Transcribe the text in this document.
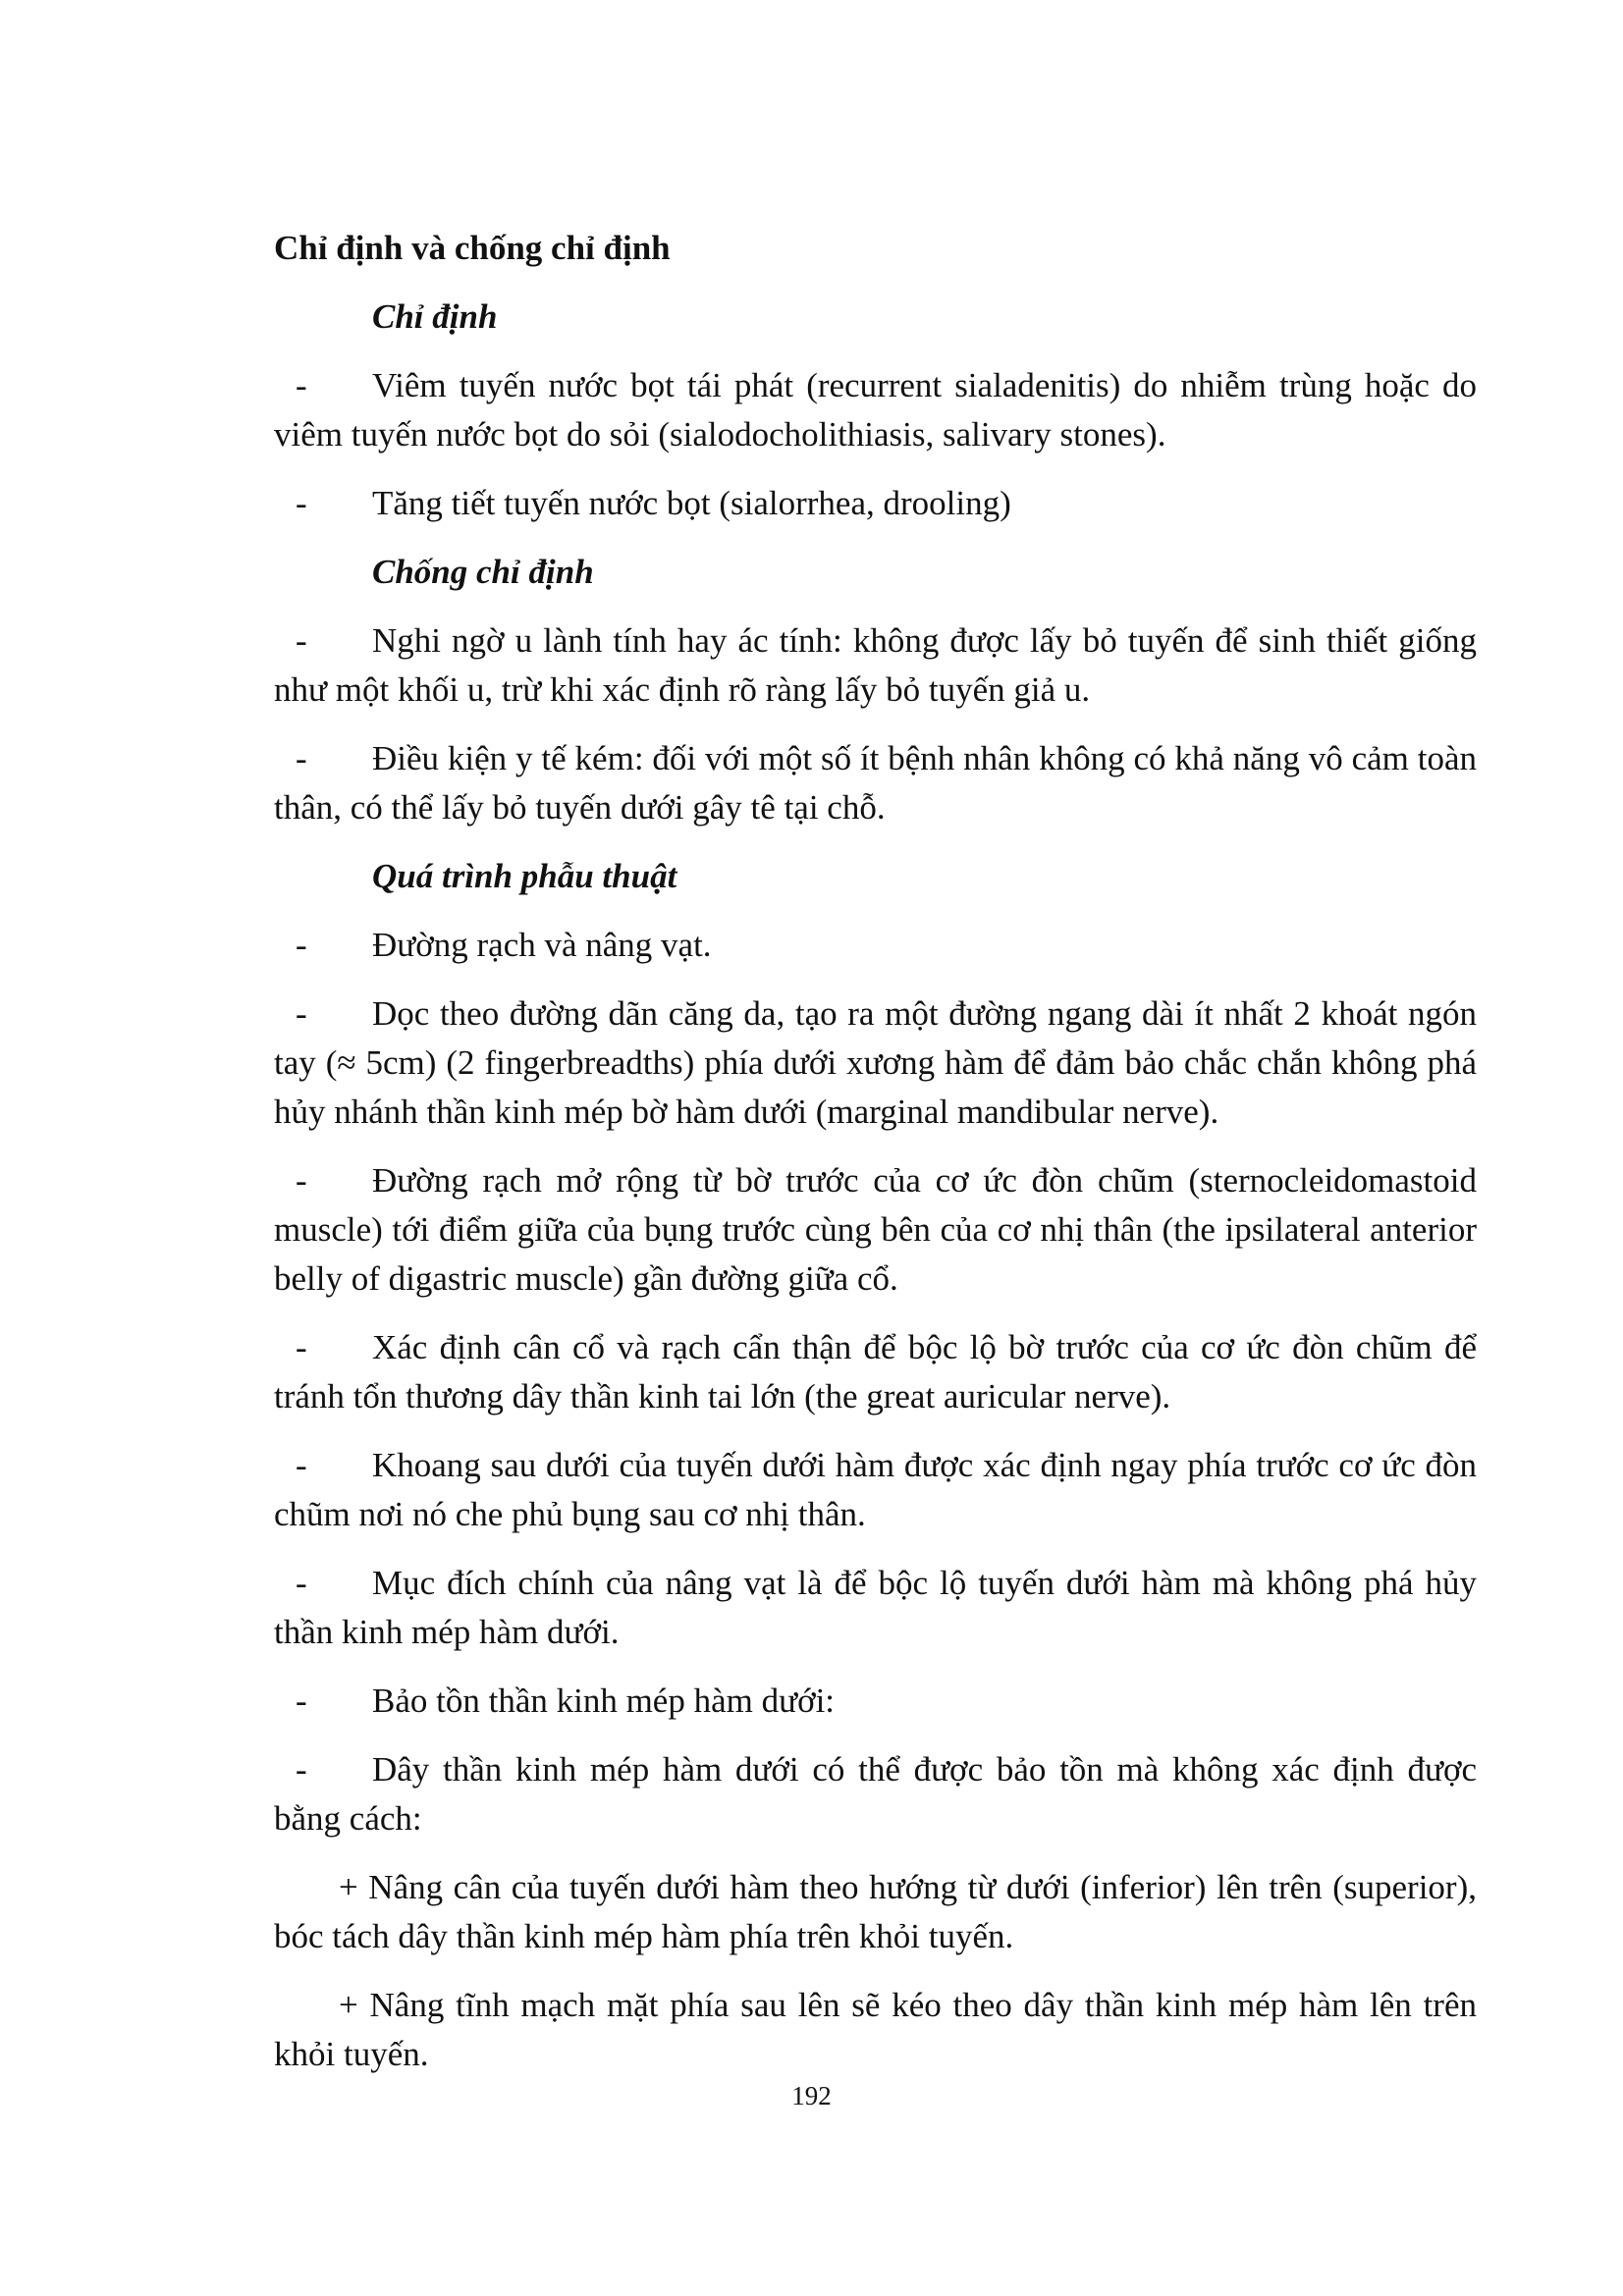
Chỉ định và chống chỉ định
Chỉ định

- Viêm tuyến nước bọt tái phát (recurrent sialadenitis) do nhiễm trùng hoặc do viêm tuyến nước bọt do sỏi (sialodocholithiasis, salivary stones).

- Tăng tiết tuyến nước bọt (sialorrhea, drooling)

Chống chỉ định

- Nghi ngờ u lành tính hay ác tính: không được lấy bỏ tuyến để sinh thiết giống như một khối u, trừ khi xác định rõ ràng lấy bỏ tuyến giả u.

- Điều kiện y tế kém: đối với một số ít bệnh nhân không có khả năng vô cảm toàn thân, có thể lấy bỏ tuyến dưới gây tê tại chỗ.

Quá trình phẫu thuật

- Đường rạch và nâng vạt.

- Dọc theo đường dãn căng da, tạo ra một đường ngang dài ít nhất 2 khoát ngón tay (≈ 5cm) (2 fingerbreadths) phía dưới xương hàm để đảm bảo chắc chắn không phá hủy nhánh thần kinh mép bờ hàm dưới (marginal mandibular nerve).

- Đường rạch mở rộng từ bờ trước của cơ ức đòn chũm (sternocleidomastoid muscle) tới điểm giữa của bụng trước cùng bên của cơ nhị thân (the ipsilateral anterior belly of digastric muscle) gần đường giữa cổ.

- Xác định cân cổ và rạch cẩn thận để bộc lộ bờ trước của cơ ức đòn chũm để tránh tổn thương dây thần kinh tai lớn (the great auricular nerve).

- Khoang sau dưới của tuyến dưới hàm được xác định ngay phía trước cơ ức đòn chũm nơi nó che phủ bụng sau cơ nhị thân.

- Mục đích chính của nâng vạt là để bộc lộ tuyến dưới hàm mà không phá hủy thần kinh mép hàm dưới.

- Bảo tồn thần kinh mép hàm dưới:

- Dây thần kinh mép hàm dưới có thể được bảo tồn mà không xác định được bằng cách:

+ Nâng cân của tuyến dưới hàm theo hướng từ dưới (inferior) lên trên (superior), bóc tách dây thần kinh mép hàm phía trên khỏi tuyến.

+ Nâng tĩnh mạch mặt phía sau lên sẽ kéo theo dây thần kinh mép hàm lên trên khỏi tuyến.

192
